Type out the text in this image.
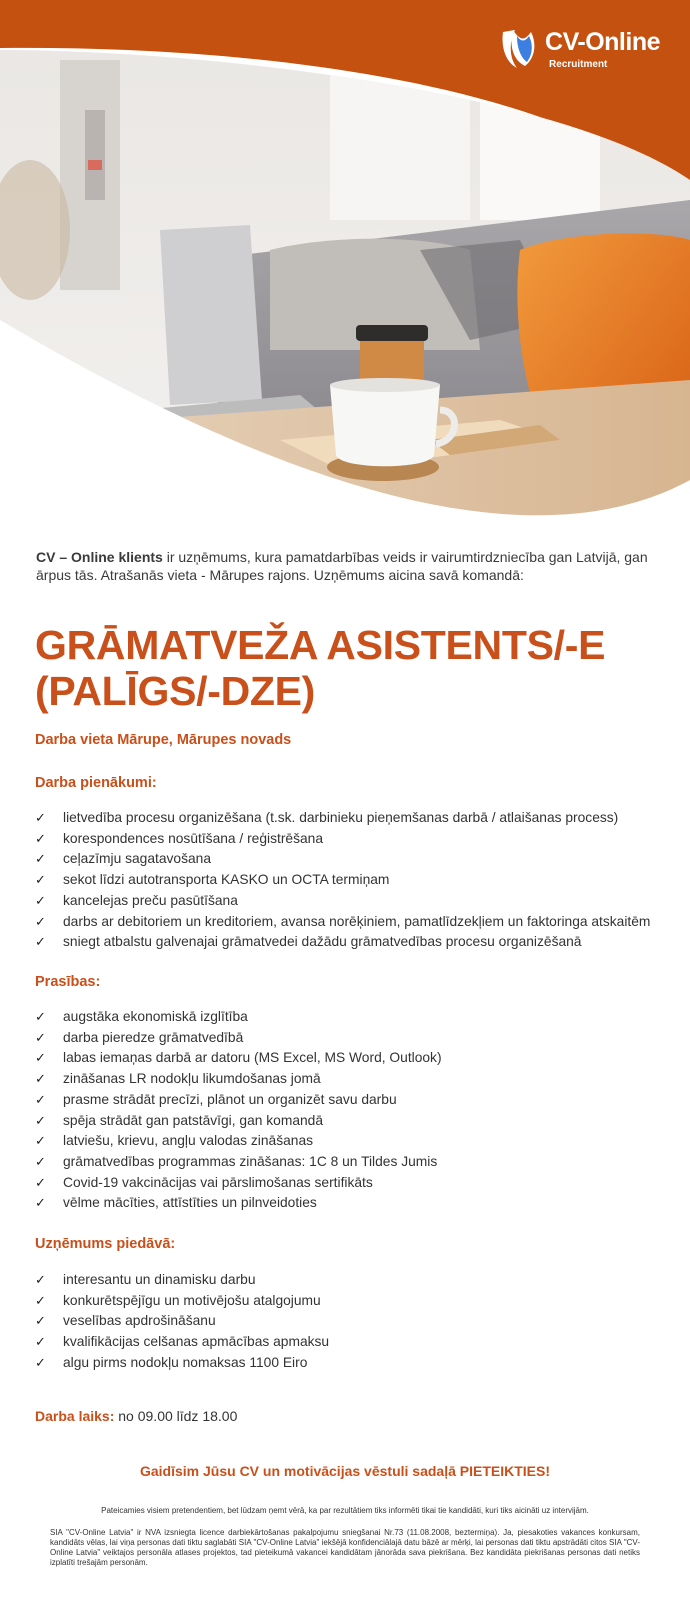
CV-Online
Recruitment

CV – Online klients ir uzņēmums, kura pamatdarbības veids ir vairumtirdzniecība gan Latvijā, gan ārpus tās. Atrašanās vieta - Mārupes rajons. Uzņēmums aicina savā komandā:

GRĀMATVEŽA ASISTENTS/-E
(PALĪGS/-DZE)
Darba vieta Mārupe, Mārupes novads
Darba pienākumi:
✓ lietvedība procesu organizēšana (t.sk. darbinieku pieņemšanas darbā / atlaišanas process)
✓ korespondences nosūtīšana / reģistrēšana
✓ ceļazīmju sagatavošana
✓ sekot līdzi autotransporta KASKO un OCTA termiņam
✓ kancelejas preču pasūtīšana
✓ darbs ar debitoriem un kreditoriem, avansa norēķiniem, pamatlīdzekļiem un faktoringa atskaitēm
✓ sniegt atbalstu galvenajai grāmatvedei dažādu grāmatvedības procesu organizēšanā
Prasības:
✓ augstāka ekonomiskā izglītība
✓ darba pieredze grāmatvedībā
✓ labas iemaņas darbā ar datoru (MS Excel, MS Word, Outlook)
✓ zināšanas LR nodokļu likumdošanas jomā
✓ prasme strādāt precīzi, plānot un organizēt savu darbu
✓ spēja strādāt gan patstāvīgi, gan komandā
✓ latviešu, krievu, angļu valodas zināšanas
✓ grāmatvedības programmas zināšanas: 1C 8 un Tildes Jumis
✓ Covid-19 vakcinācijas vai pārslimošanas sertifikāts
✓ vēlme mācīties, attīstīties un pilnveidoties
Uzņēmums piedāvā:
✓ interesantu un dinamisku darbu
✓ konkurētspējīgu un motivējošu atalgojumu
✓ veselības apdrošināšanu
✓ kvalifikācijas celšanas apmācības apmaksu
✓ algu pirms nodokļu nomaksas 1100 Eiro
Darba laiks: no 09.00 līdz 18.00
Gaidīsim Jūsu CV un motivācijas vēstuli sadaļā PIETEIKTIES!
Pateicamies visiem pretendentiem, bet lūdzam ņemt vērā, ka par rezultātiem tiks informēti tikai tie kandidāti, kuri tiks aicināti uz intervijām.
SIA "CV-Online Latvia" ir NVA izsniegta licence darbiekārtošanas pakalpojumu sniegšanai Nr.73 (11.08.2008, beztermiņa). Ja, piesakoties vakances konkursam, kandidāts vēlas, lai viņa personas dati tiktu saglabāti SIA "CV-Online Latvia" iekšējā konfidenciālajā datu bāzē ar mērķi, lai personas dati tiktu apstrādāti citos SIA "CV-Online Latvia" veiktajos personāla atlases projektos, tad pieteikumā vakancei kandidātam jānorāda sava piekrišana. Bez kandidāta piekrišanas personas dati netiks izplatīti trešajām personām.
